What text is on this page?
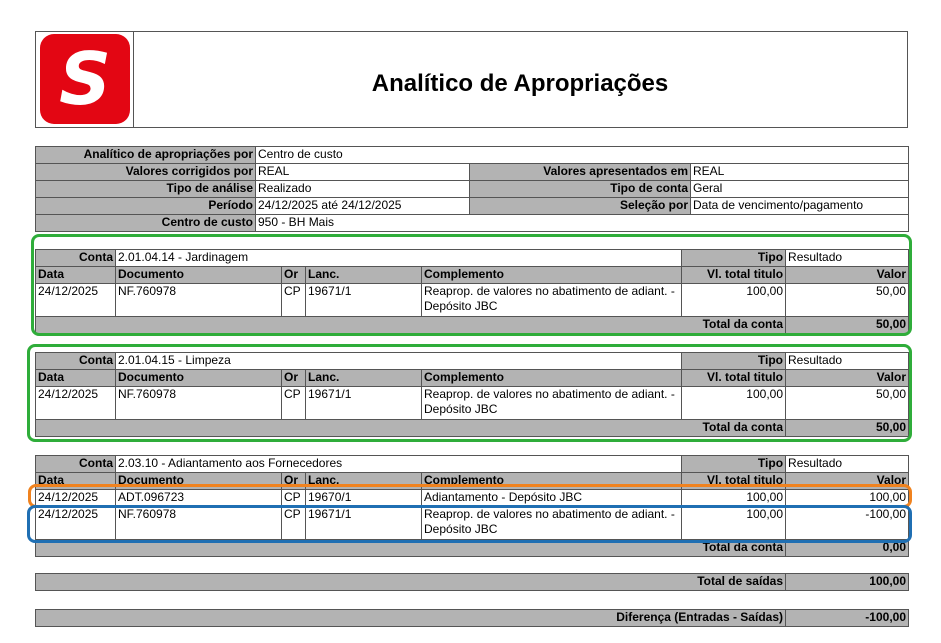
S	Analítico de Apropriações
Analítico de apropriações por	Centro de custo		
Valores corrigidos por	REAL	Valores apresentados em	REAL
Tipo de análise	Realizado	Tipo de conta	Geral
Período	24/12/2025 até 24/12/2025	Seleção por	Data de vencimento/pagamento
Centro de custo	950 - BH Mais		
Conta	2.01.04.14 - Jardinagem				Tipo	Resultado
Data	Documento	Or	Lanc.	Complemento	Vl. total titulo	Valor
24/12/2025	NF.760978	CP	19671/1	Reaprop. de valores no abatimento de adiant. - Depósito JBC	100,00	50,00
Total da conta						50,00
Conta	2.01.04.15 - Limpeza				Tipo	Resultado
Data	Documento	Or	Lanc.	Complemento	Vl. total titulo	Valor
24/12/2025	NF.760978	CP	19671/1	Reaprop. de valores no abatimento de adiant. - Depósito JBC	100,00	50,00
Total da conta						50,00
Conta	2.03.10 - Adiantamento aos Fornecedores				Tipo	Resultado
Data	Documento	Or	Lanc.	Complemento	Vl. total titulo	Valor
24/12/2025	ADT.096723	CP	19670/1	Adiantamento - Depósito JBC	100,00	100,00
24/12/2025	NF.760978	CP	19671/1	Reaprop. de valores no abatimento de adiant. - Depósito JBC	100,00	-100,00
Total da conta						0,00
Total de saídas	100,00
Diferença (Entradas - Saídas)	-100,00
